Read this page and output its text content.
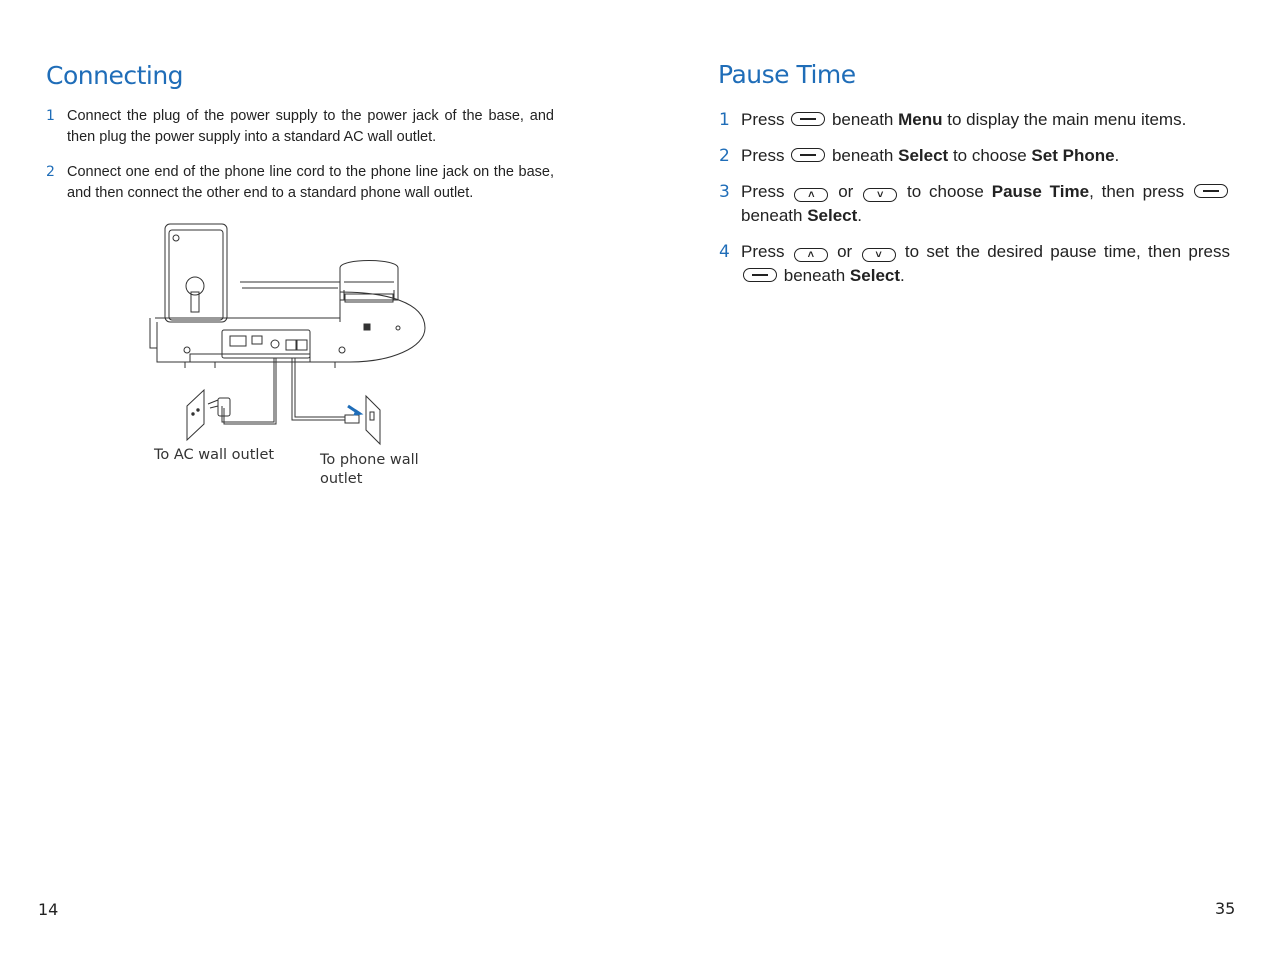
Connecting
1 Connect the plug of the power supply to the power jack of the base, and then plug the power supply into a standard AC wall outlet.
2 Connect one end of the phone line cord to the phone line jack on the base, and then connect the other end to a standard phone wall outlet.
To AC wall outlet	To phone wall outlet
14
Pause Time
1 Press	beneath Menu to display the main menu items.
2 Press	beneath Select to choose Set Phone.
3 Press ˄ or ˅ to choose Pause Time, then press  beneath Select.
4 Press ˄ or ˅ to set the desired pause time, then press  beneath Select.
35
